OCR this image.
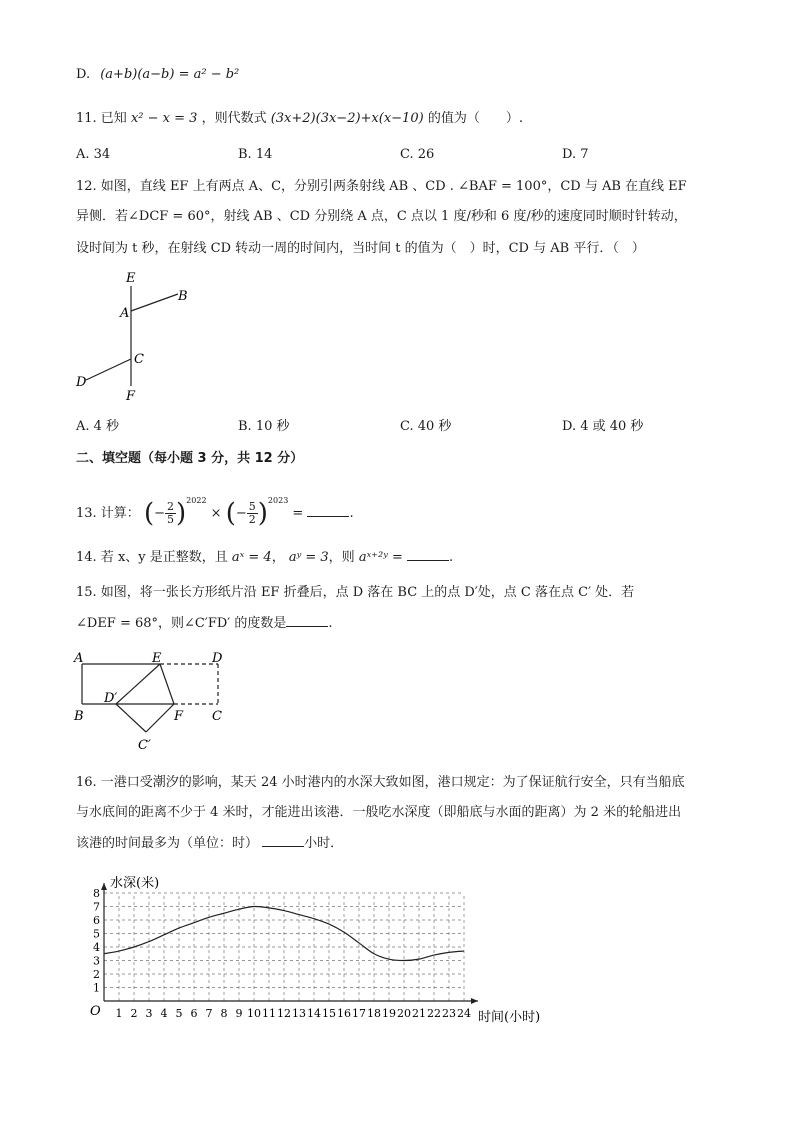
D. (a+b)(a−b) = a² − b²
11. 已知 x² − x = 3 ，则代数式 (3x+2)(3x−2)+x(x−10) 的值为（　　）.
A. 34	B. 14	C. 26	D. 7
12. 如图，直线 EF 上有两点 A、C，分别引两条射线 AB 、CD . ∠BAF = 100°，CD 与 AB 在直线 EF
异侧．若∠DCF = 60°，射线 AB 、CD 分别绕 A 点，C 点以 1 度/秒和 6 度/秒的速度同时顺时针转动，
设时间为 t 秒，在射线 CD 转动一周的时间内，当时间 t 的值为（　）时，CD 与 AB 平行．（　）
E
A
B
C
D
F
A. 4 秒	B. 10 秒	C. 40 秒	D. 4 或 40 秒
二、填空题（每小题 3 分，共 12 分）
13. 计算： (− $\frac{2}{5} )^{2022}$ × (− $\frac{5}{2} )^{2023}$ =	.
14. 若 x、y 是正整数，且 aˣ = 4， aʸ = 3，则 aˣ⁺²ʸ =	.
15. 如图，将一张长方形纸片沿 EF 折叠后，点 D 落在 BC 上的点 D′处，点 C 落在点 C′ 处．若
∠DEF = 68°，则∠C′FD′ 的度数是	.
A	E	D
D′
B	F C
C′
16. 一港口受潮汐的影响，某天 24 小时港内的水深大致如图，港口规定：为了保证航行安全，只有当船底
与水底间的距离不少于 4 米时，才能进出该港．一般吃水深度（即船底与水面的距离）为 2 米的轮船进出
该港的时间最多为（单位：时）	小时．
1 2 3 4 5 6 7 8 9 10 11 12 13 14 15 16 17 18 19 20 21 22 23 24
1
2
3
4
5
6
7
8
水深(米)
时间(小时)
O
